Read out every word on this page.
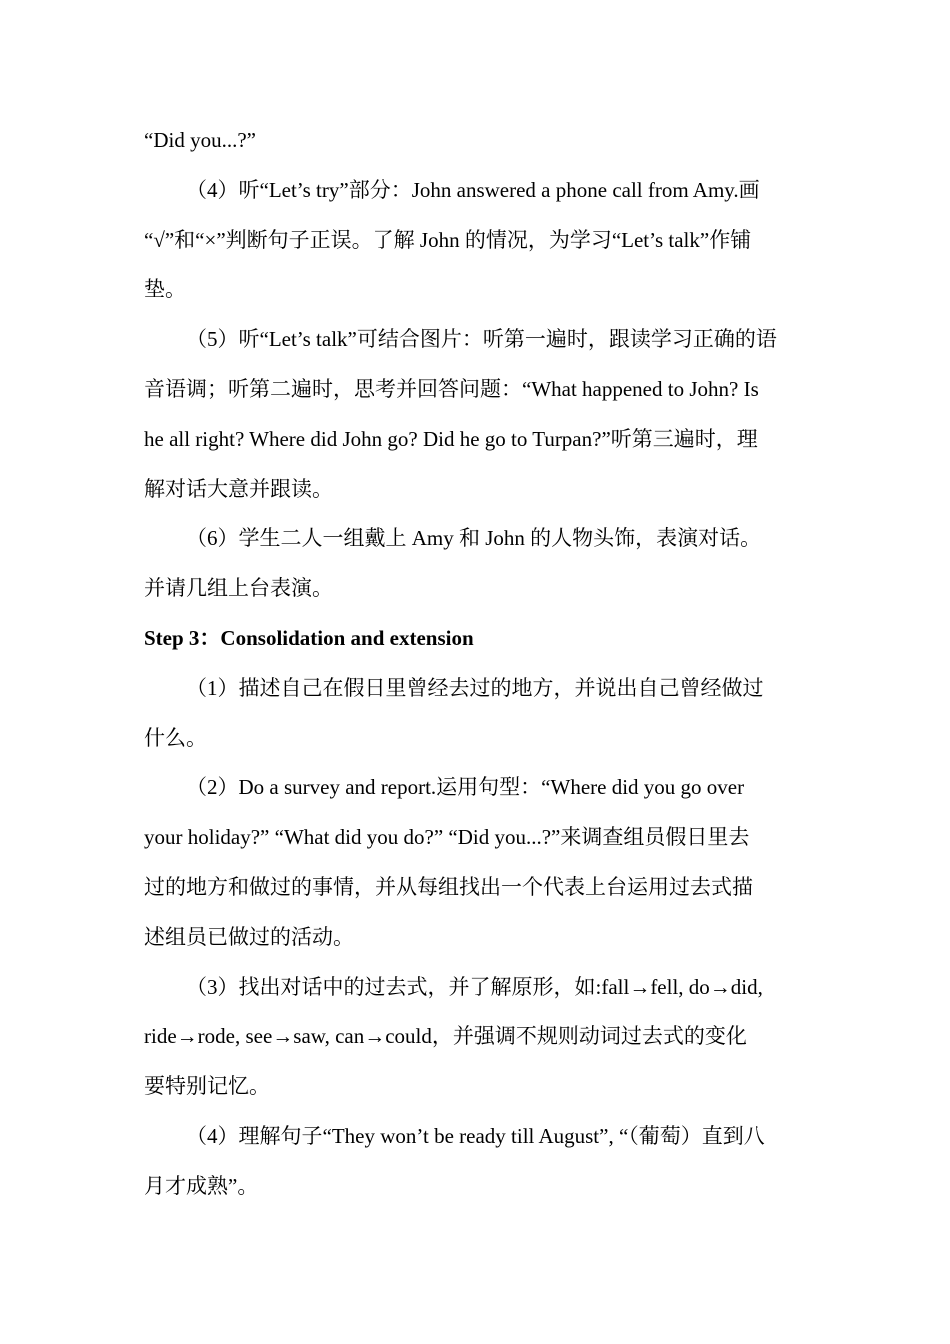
“Did you...?”
（4）听“Let’s try”部分：John answered a phone call from Amy.画
“√”和“×”判断句子正误。了解 John 的情况，为学习“Let’s talk”作铺
垫。
（5）听“Let’s talk”可结合图片：听第一遍时，跟读学习正确的语
音语调；听第二遍时，思考并回答问题：“What happened to John? Is
he all right? Where did John go? Did he go to Turpan?”听第三遍时，理
解对话大意并跟读。
（6）学生二人一组戴上 Amy 和 John 的人物头饰，表演对话。
并请几组上台表演。
Step 3：Consolidation and extension
（1）描述自己在假日里曾经去过的地方，并说出自己曾经做过
什么。
（2）Do a survey and report.运用句型：“Where did you go over
your holiday?” “What did you do?” “Did you...?”来调查组员假日里去
过的地方和做过的事情，并从每组找出一个代表上台运用过去式描
述组员已做过的活动。
（3）找出对话中的过去式，并了解原形，如:fall→fell, do→did,
ride→rode, see→saw, can→could，并强调不规则动词过去式的变化
要特别记忆。
（4）理解句子“They won’t be ready till August”, “（葡萄）直到八
月才成熟”。
